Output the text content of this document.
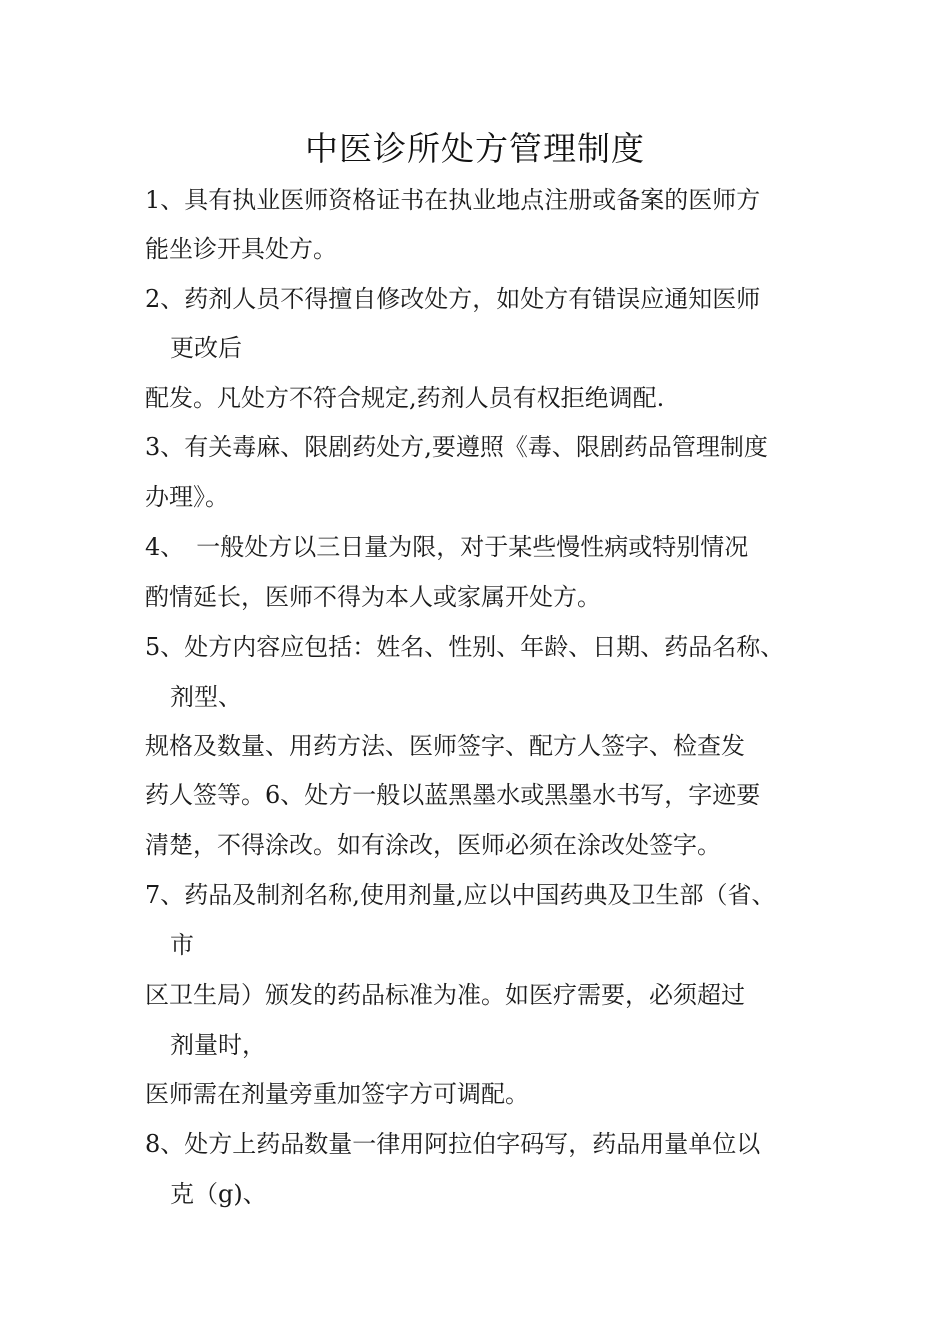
中医诊所处方管理制度

1、具有执业医师资格证书在执业地点注册或备案的医师方

能坐诊开具处方。

2、药剂人员不得擅自修改处方，如处方有错误应通知医师

更改后

配发。凡处方不符合规定,药剂人员有权拒绝调配.

3、有关毒麻、限剧药处方,要遵照《毒、限剧药品管理制度

办理》。

4、　一般处方以三日量为限，对于某些慢性病或特别情况

酌情延长，医师不得为本人或家属开处方。

5、处方内容应包括：姓名、性别、年龄、日期、药品名称、

剂型、

规格及数量、用药方法、医师签字、配方人签字、检查发

药人签等。6、处方一般以蓝黑墨水或黑墨水书写，字迹要

清楚，不得涂改。如有涂改，医师必须在涂改处签字。

7、药品及制剂名称,使用剂量,应以中国药典及卫生部（省、

市

区卫生局）颁发的药品标准为准。如医疗需要，必须超过

剂量时，

医师需在剂量旁重加签字方可调配。

8、处方上药品数量一律用阿拉伯字码写，药品用量单位以

克（g)、
